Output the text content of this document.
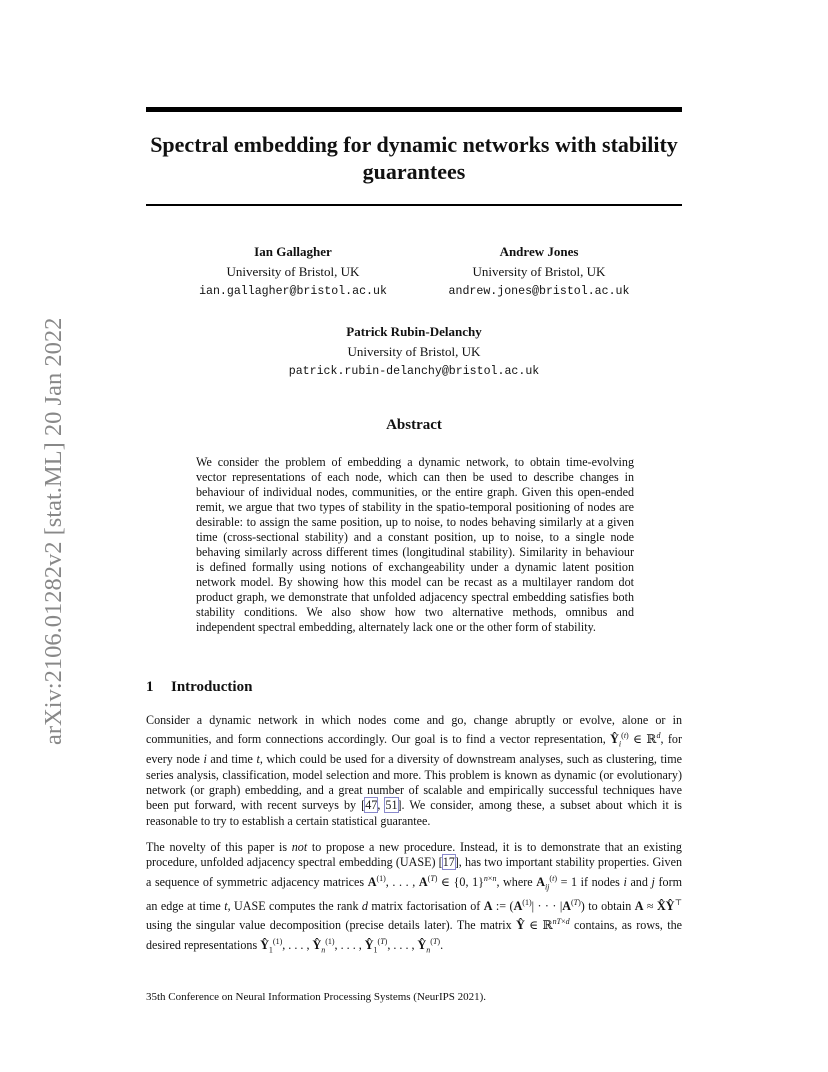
arXiv:2106.01282v2 [stat.ML] 20 Jan 2022
Spectral embedding for dynamic networks with stability guarantees
Ian Gallagher
University of Bristol, UK
ian.gallagher@bristol.ac.uk
Andrew Jones
University of Bristol, UK
andrew.jones@bristol.ac.uk
Patrick Rubin-Delanchy
University of Bristol, UK
patrick.rubin-delanchy@bristol.ac.uk
Abstract

We consider the problem of embedding a dynamic network, to obtain time-evolving vector representations of each node, which can then be used to describe changes in behaviour of individual nodes, communities, or the entire graph. Given this open-ended remit, we argue that two types of stability in the spatio-temporal positioning of nodes are desirable: to assign the same position, up to noise, to nodes behaving similarly at a given time (cross-sectional stability) and a constant position, up to noise, to a single node behaving similarly across different times (longitudinal stability). Similarity in behaviour is defined formally using notions of exchangeability under a dynamic latent position network model. By showing how this model can be recast as a multilayer random dot product graph, we demonstrate that unfolded adjacency spectral embedding satisfies both stability conditions. We also show how two alternative methods, omnibus and independent spectral embedding, alternately lack one or the other form of stability.

1 Introduction

Consider a dynamic network in which nodes come and go, change abruptly or evolve, alone or in communities, and form connections accordingly. Our goal is to find a vector representation, $Ŷ_i^{(t)}$ ∈ ℝ$^d$, for every node i and time t, which could be used for a diversity of downstream analyses, such as clustering, time series analysis, classification, model selection and more. This problem is known as dynamic (or evolutionary) network (or graph) embedding, and a great number of scalable and empirically successful techniques have been put forward, with recent surveys by [47, 51]. We consider, among these, a subset about which it is reasonable to try to establish a certain statistical guarantee.

The novelty of this paper is not to propose a new procedure. Instead, it is to demonstrate that an existing procedure, unfolded adjacency spectral embedding (UASE) [17], has two important stability properties. Given a sequence of symmetric adjacency matrices $A^{(1)}$, . . . , $A^{(T)}$ ∈ {0, 1}$^{n\times n}$, where $A_{ij}^{(t)} = 1$ if nodes i and j form an edge at time t, UASE computes the rank d matrix factorisation of A := ($A^{(1)}|$ · · · $|A^{(T)}$) to obtain A ≈ X̂Ŷ⊤ using the singular value decomposition (precise details later). The matrix Ŷ ∈ ℝ$^{nT\times d}$ contains, as rows, the desired representations $Ŷ_1^{(1)}$, . . . , $Ŷ_n^{(1)}$, . . . , $Ŷ_1^{(T)}$, . . . , $Ŷ_n^{(T)}$.

35th Conference on Neural Information Processing Systems (NeurIPS 2021).
